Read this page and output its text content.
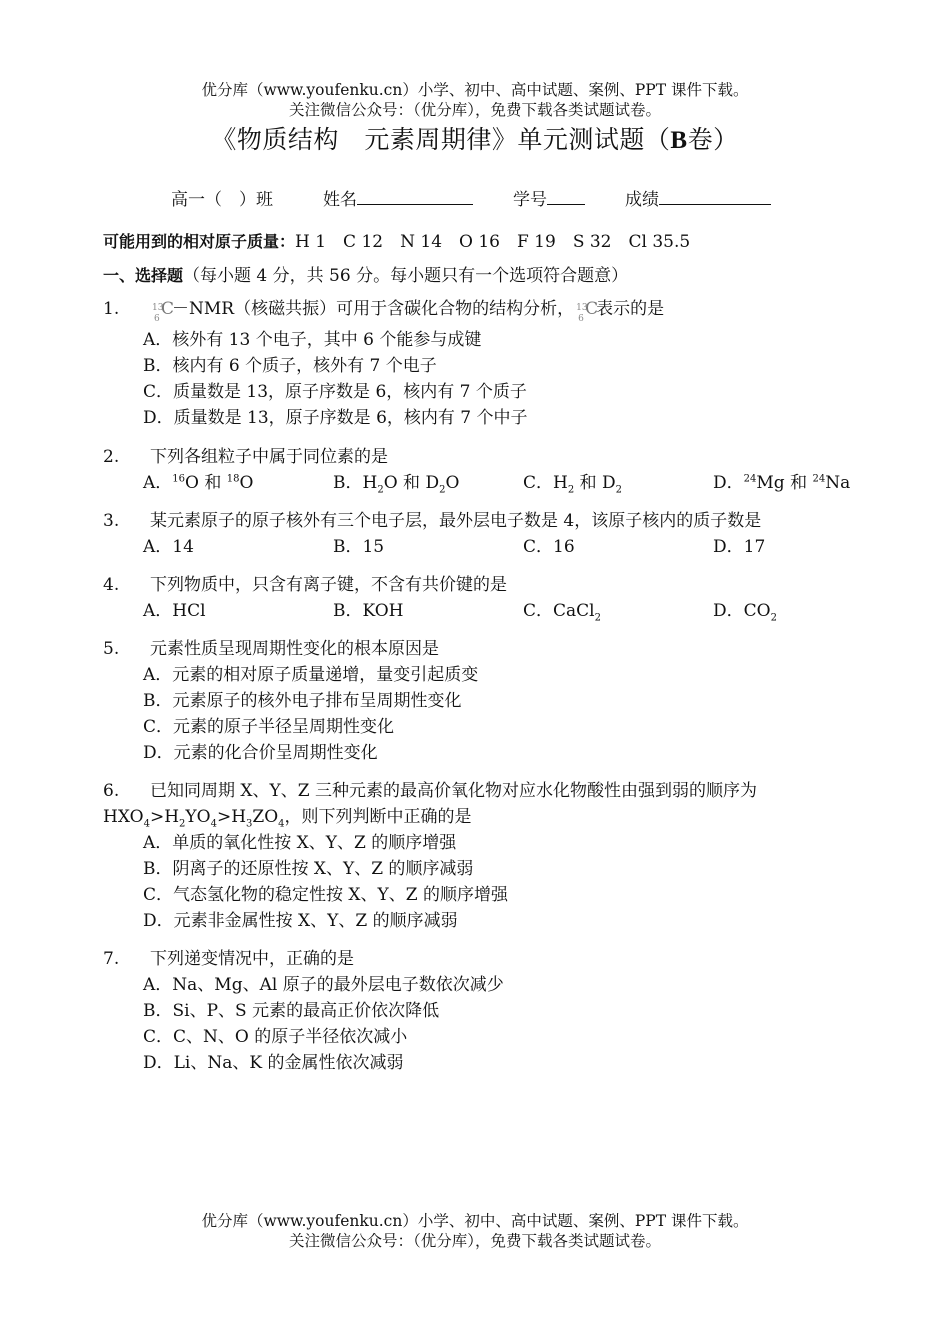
优分库（www.youfenku.cn）小学、初中、高中试题、案例、PPT 课件下载。
关注微信公众号：（优分库），免费下载各类试题试卷。
《物质结构　元素周期律》单元测试题（B卷）
高一（　）班	姓名	学号	成绩
可能用到的相对原子质量：H 1　C 12　N 14　O 16　F 19　S 32　Cl 35.5
一、选择题（每小题 4 分，共 56 分。每小题只有一个选项符合题意）
1.	13
6 C
－NMR（核磁共振）可用于含碳化合物的结构分析， 13
6 C
表示的是
A．核外有 13 个电子，其中 6 个能参与成键
B．核内有 6 个质子，核外有 7 个电子
C．质量数是 13，原子序数是 6，核内有 7 个质子
D．质量数是 13，原子序数是 6，核内有 7 个中子
2. 下列各组粒子中属于同位素的是
A．$^{16}$O 和 $^{18}$O	B．$H_2O$ 和 $D_2O$	C．$H_2$ 和 $D_2$	D．$^{24}$Mg 和 $^{24}$Na
3. 某元素原子的原子核外有三个电子层，最外层电子数是 4，该原子核内的质子数是
A．14	B．15	C．16	D．17
4. 下列物质中，只含有离子键，不含有共价键的是
A．HCl	B．KOH	C．CaCl$_2$	D．$CO_2$
5. 元素性质呈现周期性变化的根本原因是
A．元素的相对原子质量递增，量变引起质变
B．元素原子的核外电子排布呈周期性变化
C．元素的原子半径呈周期性变化
D．元素的化合价呈周期性变化
6. 已知同周期 X、Y、Z 三种元素的最高价氧化物对应水化物酸性由强到弱的顺序为
$HXO_4>H_2YO_4>H_3ZO_4$，则下列判断中正确的是
A．单质的氧化性按 X、Y、Z 的顺序增强
B．阴离子的还原性按 X、Y、Z 的顺序减弱
C．气态氢化物的稳定性按 X、Y、Z 的顺序增强
D．元素非金属性按 X、Y、Z 的顺序减弱
7. 下列递变情况中，正确的是
A．Na、Mg、Al 原子的最外层电子数依次减少
B．Si、P、S 元素的最高正价依次降低
C．C、N、O 的原子半径依次减小
D．Li、Na、K 的金属性依次减弱
优分库（www.youfenku.cn）小学、初中、高中试题、案例、PPT 课件下载。
关注微信公众号：（优分库），免费下载各类试题试卷。
